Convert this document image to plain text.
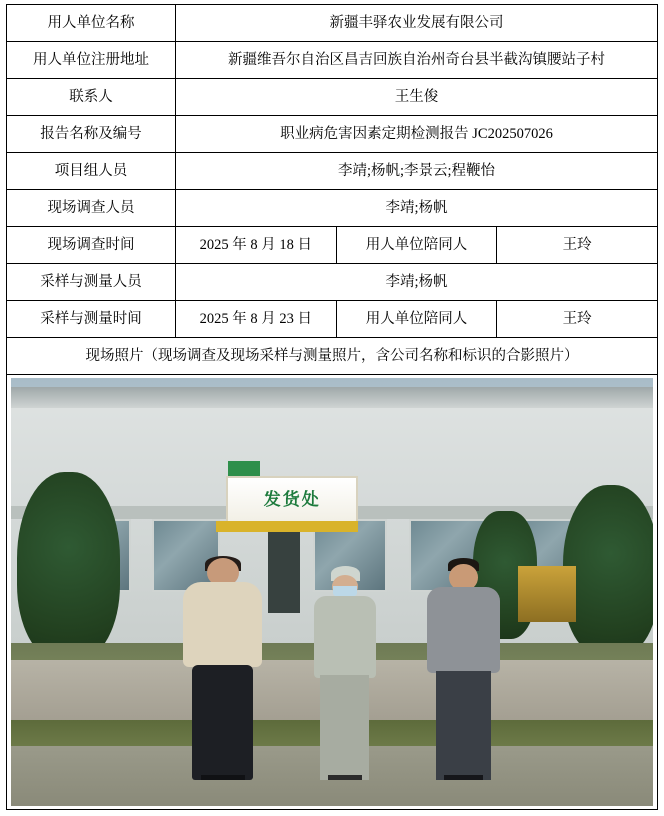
用人单位名称	新疆丰驿农业发展有限公司		
用人单位注册地址	新疆维吾尔自治区昌吉回族自治州奇台县半截沟镇腰站子村		
联系人	王生俊		
报告名称及编号	职业病危害因素定期检测报告 JC202507026		
项目组人员	李靖;杨帆;李景云;程鞭怡		
现场调查人员	李靖;杨帆		
现场调查时间	2025 年 8 月 18 日	用人单位陪同人	王玲
采样与测量人员	李靖;杨帆		
采样与测量时间	2025 年 8 月 23 日	用人单位陪同人	王玲
现场照片（现场调查及现场采样与测量照片，含公司名称和标识的合影照片）			

发货处			
